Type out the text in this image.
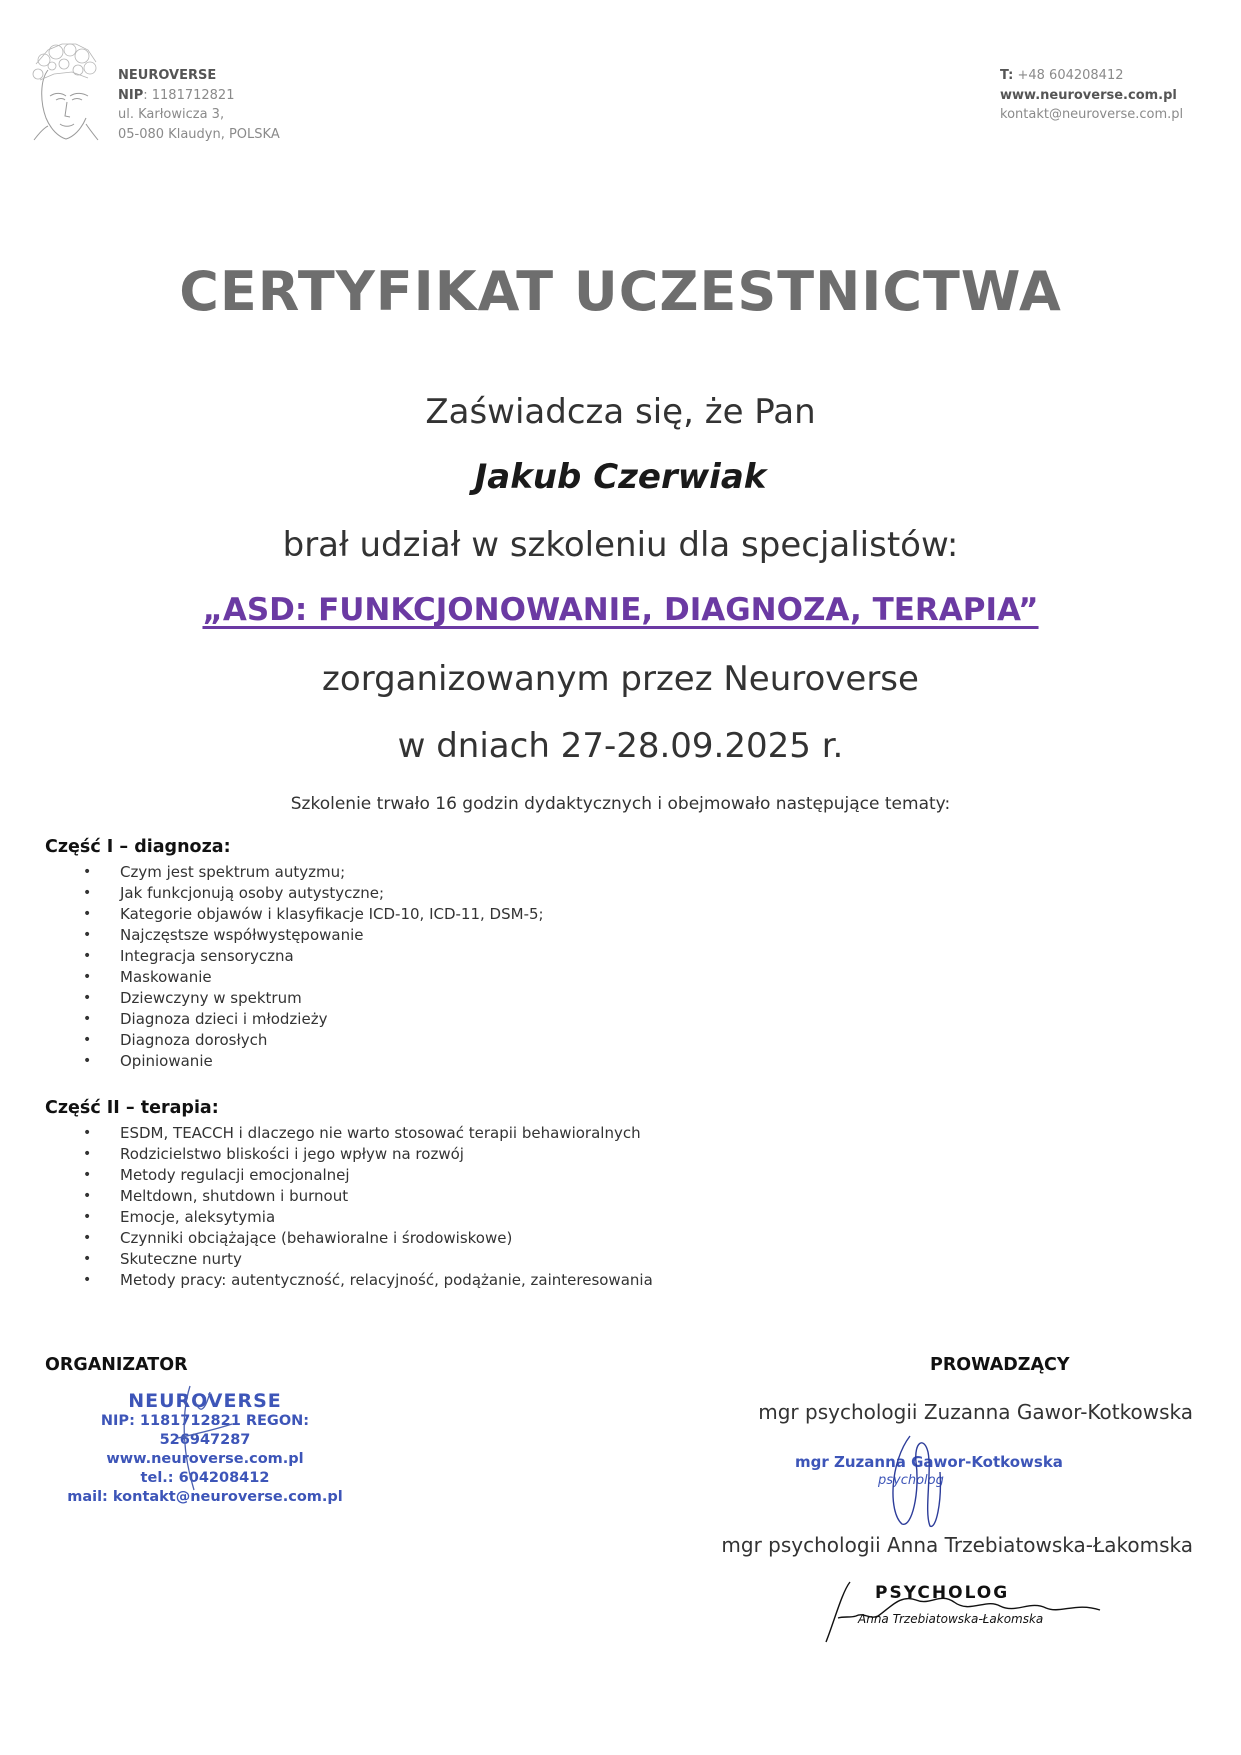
NEUROVERSE
NIP: 1181712821
ul. Karłowicza 3,
05-080 Klaudyn, POLSKA
T: +48 604208412
www.neuroverse.com.pl
kontakt@neuroverse.com.pl
CERTYFIKAT UCZESTNICTWA
Zaświadcza się, że Pan
Jakub Czerwiak
brał udział w szkoleniu dla specjalistów:
„ASD: FUNKCJONOWANIE, DIAGNOZA, TERAPIA”
zorganizowanym przez Neuroverse
w dniach 27-28.09.2025 r.
Szkolenie trwało 16 godzin dydaktycznych i obejmowało następujące tematy:
Część I – diagnoza:
• Czym jest spektrum autyzmu;
• Jak funkcjonują osoby autystyczne;
• Kategorie objawów i klasyfikacje ICD-10, ICD-11, DSM-5;
• Najczęstsze współwystępowanie
• Integracja sensoryczna
• Maskowanie
• Dziewczyny w spektrum
• Diagnoza dzieci i młodzieży
• Diagnoza dorosłych
• Opiniowanie
Część II – terapia:
• ESDM, TEACCH i dlaczego nie warto stosować terapii behawioralnych
• Rodzicielstwo bliskości i jego wpływ na rozwój
• Metody regulacji emocjonalnej
• Meltdown, shutdown i burnout
• Emocje, aleksytymia
• Czynniki obciążające (behawioralne i środowiskowe)
• Skuteczne nurty
• Metody pracy: autentyczność, relacyjność, podążanie, zainteresowania
ORGANIZATOR
NEUROVERSE
NIP: 1181712821 REGON: 526947287
www.neuroverse.com.pl
tel.: 604208412
mail: kontakt@neuroverse.com.pl
PROWADZĄCY
mgr psychologii Zuzanna Gawor-Kotkowska
mgr Zuzanna Gawor-Kotkowska
psycholog
mgr psychologii Anna Trzebiatowska-Łakomska
PSYCHOLOG
Anna Trzebiatowska-Łakomska
